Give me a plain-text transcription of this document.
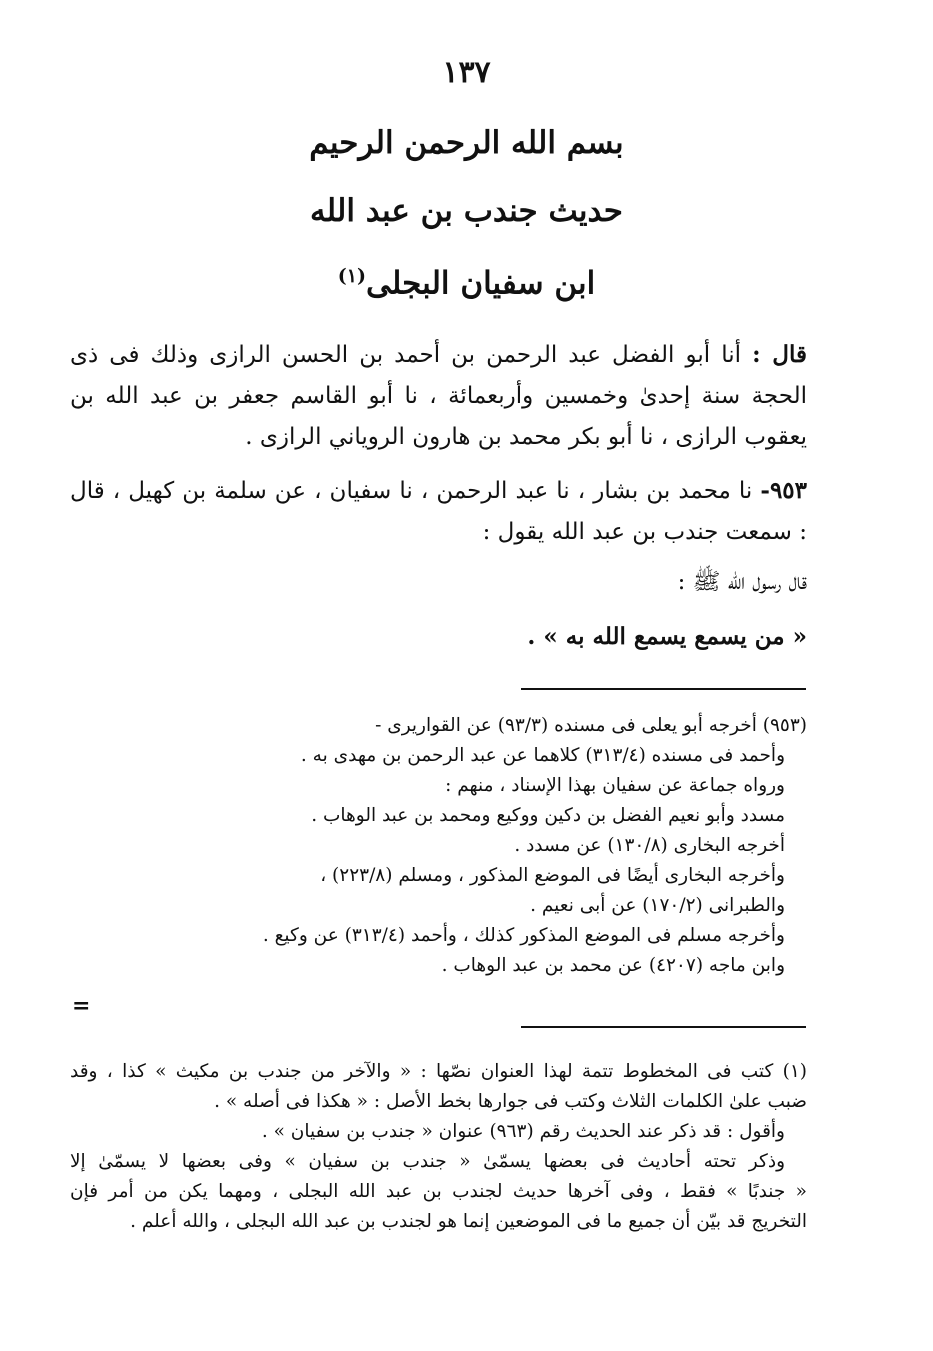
١٣٧
بسم الله الرحمن الرحيم
حديث جندب بن عبد الله
ابن سفيان البجلى$^{(١)}$
قال : أنا أبو الفضل عبد الرحمن بن أحمد بن الحسن الرازى وذلك فى ذى الحجة سنة إحدىٰ وخمسين وأربعمائة ، نا أبو القاسم جعفر بن عبد الله بن يعقوب الرازى ، نا أبو بكر محمد بن هارون الروياني الرازى .
٩٥٣- نا محمد بن بشار ، نا عبد الرحمن ، نا سفيان ، عن سلمة بن كهيل ، قال : سمعت جندب بن عبد الله يقول :
قال رسول الله ﷺ :
« من يسمع يسمع الله به » .
(٩٥٣) أخرجه أبو يعلى فى مسنده (٩٣/٣) عن القواريرى -
وأحمد فى مسنده (٣١٣/٤) كلاهما عن عبد الرحمن بن مهدى به .
ورواه جماعة عن سفيان بهذا الإسناد ، منهم :
مسدد وأبو نعيم الفضل بن دكين ووكيع ومحمد بن عبد الوهاب .
أخرجه البخارى (١٣٠/٨) عن مسدد .
وأخرجه البخارى أيضًا فى الموضع المذكور ، ومسلم (٢٢٣/٨) ،
والطبرانى (١٧٠/٢) عن أبى نعيم .
وأخرجه مسلم فى الموضع المذكور كذلك ، وأحمد (٣١٣/٤) عن وكيع .
وابن ماجه (٤٢٠٧) عن محمد بن عبد الوهاب .
=
(١) كتب فى المخطوط تتمة لهذا العنوان نصّها : « والآخر من جندب بن مكيث » كذا ، وقد
ضبب علىٰ الكلمات الثلاث وكتب فى جوارها بخط الأصل : « هكذا فى أصله » .
وأقول : قد ذكر عند الحديث رقم (٩٦٣) عنوان « جندب بن سفيان » .
وذكر تحته أحاديث فى بعضها يسمّىٰ « جندب بن سفيان » وفى بعضها لا يسمّىٰ إلا
« جندبًا » فقط ، وفى آخرها حديث لجندب بن عبد الله البجلى ، ومهما يكن من أمر فإن
التخريج قد بيّن أن جميع ما فى الموضعين إنما هو لجندب بن عبد الله البجلى ، والله أعلم .
